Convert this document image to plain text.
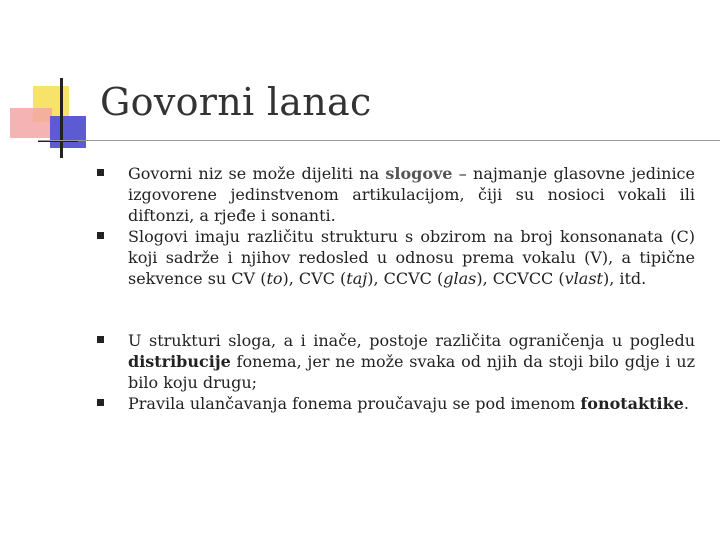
Govorni lanac
Govorni niz se može dijeliti na slogove – najmanje glasovne jedinice izgovorene jedinstvenom artikulacijom, čiji su nosioci vokali ili diftonzi, a rjeđe i sonanti.
Slogovi imaju različitu strukturu s obzirom na broj konsonanata (C) koji sadrže i njihov redosled u odnosu prema vokalu (V), a tipične sekvence su CV (to), CVC (taj), CCVC (glas), CCVCC (vlast), itd.
U strukturi sloga, a i inače, postoje različita ograničenja u pogledu distribucije fonema, jer ne može svaka od njih da stoji bilo gdje i uz bilo koju drugu;
Pravila ulančavanja fonema proučavaju se pod imenom fonotaktike.
